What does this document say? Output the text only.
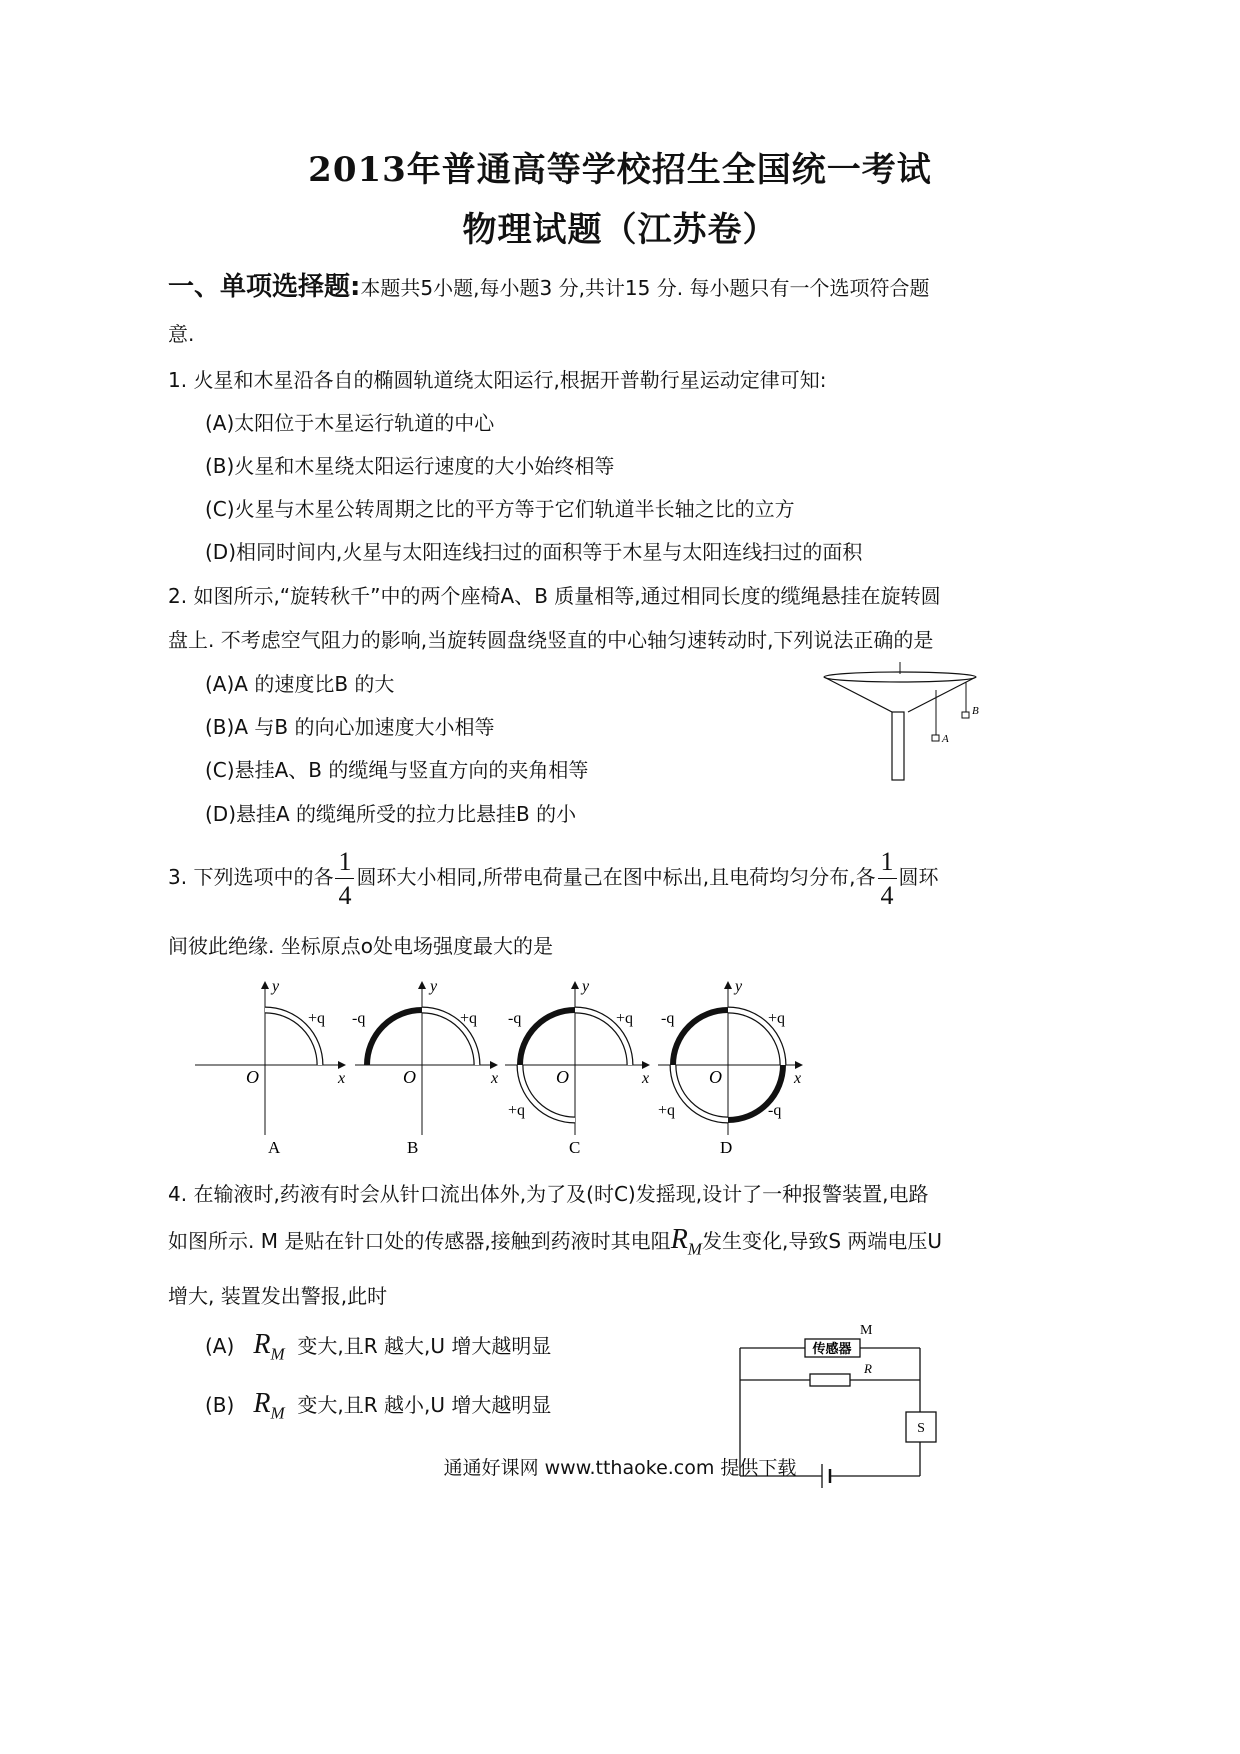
2013年普通高等学校招生全国统一考试
物理试题（江苏卷）
一、单项选择题:本题共5小题,每小题3 分,共计15 分. 每小题只有一个选项符合题
意.
1. 火星和木星沿各自的椭圆轨道绕太阳运行,根据开普勒行星运动定律可知:
(A)太阳位于木星运行轨道的中心
(B)火星和木星绕太阳运行速度的大小始终相等
(C)火星与木星公转周期之比的平方等于它们轨道半长轴之比的立方
(D)相同时间内,火星与太阳连线扫过的面积等于木星与太阳连线扫过的面积
2. 如图所示,“旋转秋千”中的两个座椅A、B 质量相等,通过相同长度的缆绳悬挂在旋转圆
盘上. 不考虑空气阻力的影响,当旋转圆盘绕竖直的中心轴匀速转动时,下列说法正确的是
(A)A 的速度比B 的大
(B)A 与B 的向心加速度大小相等
(C)悬挂A、B 的缆绳与竖直方向的夹角相等
(D)悬挂A 的缆绳所受的拉力比悬挂B 的小
A
B
3. 下列选项中的各 $\frac{1}{4}$ 圆环大小相同,所带电荷量己在图中标出,且电荷均匀分布,各 $\frac{1}{4}$ 圆环
间彼此绝缘. 坐标原点o处电场强度最大的是
y
x
O
+q
A
y
x
O
-q	+q
B
y
x
O
-q	+q
+q
C
y
x
O
-q	+q
+q	-q
D
4. 在输液时,药液有时会从针口流出体外,为了及(时C)发摇现,设计了一种报警装置,电路
如图所示. M 是贴在针口处的传感器,接触到药液时其电阻$R_M$发生变化,导致S 两端电压U
增大, 装置发出警报,此时
(A) $R_M$ 变大,且R 越大,U 增大越明显
(B) $R_M$ 变大,且R 越小,U 增大越明显
传感器
M
R
S
通通好课网 www.tthaoke.com 提供下载
